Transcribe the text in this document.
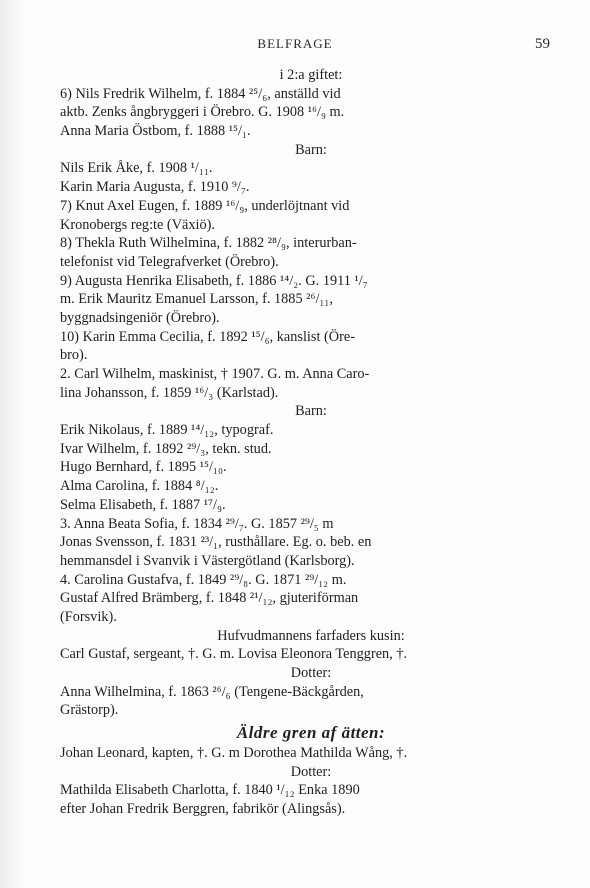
BELFRAGE	59
i 2:a giftet:
6) Nils Fredrik Wilhelm, f. 1884 ²⁵/₆, anställd vid
aktb. Zenks ångbryggeri i Örebro. G. 1908 ¹⁶/₉ m.
Anna Maria Östbom, f. 1888 ¹⁵/₁.
Barn:
Nils Erik Åke, f. 1908 ¹/₁₁.
Karin Maria Augusta, f. 1910 ⁹/₇.
7) Knut Axel Eugen, f. 1889 ¹⁶/₉, underlöjtnant vid
Kronobergs reg:te (Växiö).
8) Thekla Ruth Wilhelmina, f. 1882 ²⁸/₉, interurban-
telefonist vid Telegrafverket (Örebro).
9) Augusta Henrika Elisabeth, f. 1886 ¹⁴/₂. G. 1911 ¹/₇
m. Erik Mauritz Emanuel Larsson, f. 1885 ²⁶/₁₁,
byggnadsingeniör (Örebro).
10) Karin Emma Cecilia, f. 1892 ¹⁵/₆, kanslist (Öre-
bro).
2. Carl Wilhelm, maskinist, † 1907. G. m. Anna Caro-
lina Johansson, f. 1859 ¹⁶/₃ (Karlstad).
Barn:
Erik Nikolaus, f. 1889 ¹⁴/₁₂, typograf.
Ivar Wilhelm, f. 1892 ²⁹/₃, tekn. stud.
Hugo Bernhard, f. 1895 ¹⁵/₁₀.
Alma Carolina, f. 1884 ⁸/₁₂.
Selma Elisabeth, f. 1887 ¹⁷/₉.
3. Anna Beata Sofia, f. 1834 ²⁹/₇. G. 1857 ²⁹/₅ m
Jonas Svensson, f. 1831 ²³/₁, rusthållare. Eg. o. beb. en
hemmansdel i Svanvik i Västergötland (Karlsborg).
4. Carolina Gustafva, f. 1849 ²⁹/₈. G. 1871 ²⁹/₁₂ m.
Gustaf Alfred Brämberg, f. 1848 ²¹/₁₂, gjuteriförman
(Forsvik).
Hufvudmannens farfaders kusin:
Carl Gustaf, sergeant, †. G. m. Lovisa Eleonora Tenggren, †.
Dotter:
Anna Wilhelmina, f. 1863 ²⁶/₆ (Tengene-Bäckgården,
Grästorp).
Äldre gren af ätten:
Johan Leonard, kapten, †. G. m Dorothea Mathilda Wång, †.
Dotter:
Mathilda Elisabeth Charlotta, f. 1840 ¹/₁₂ Enka 1890
efter Johan Fredrik Berggren, fabrikör (Alingsås).
